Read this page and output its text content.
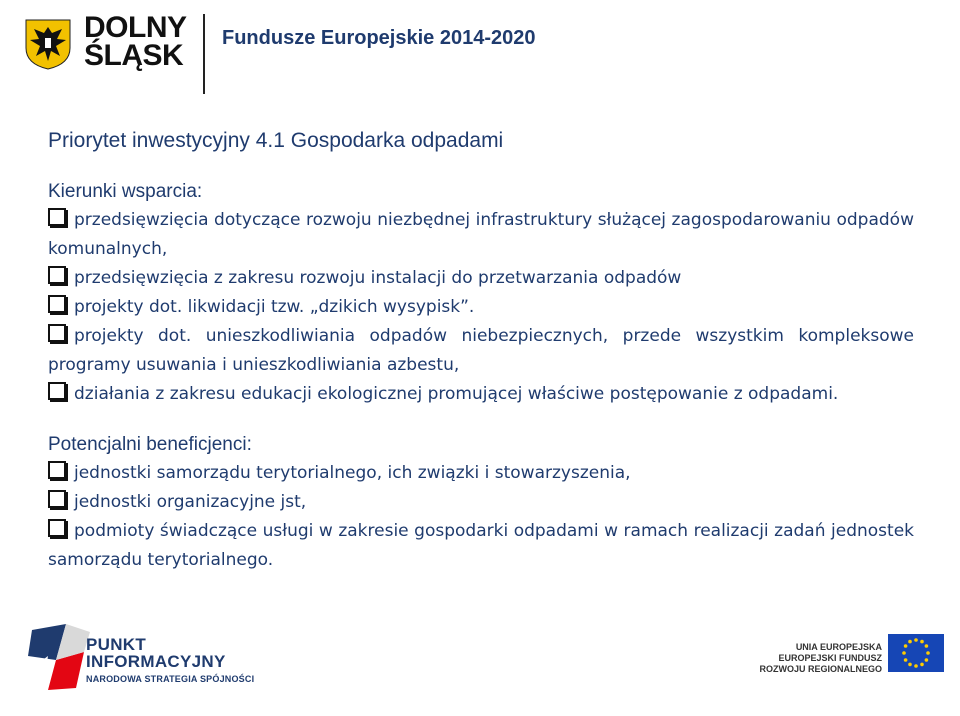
DOLNY
ŚLĄSK
Fundusze Europejskie 2014-2020
Priorytet inwestycyjny 4.1 Gospodarka odpadami
Kierunki wsparcia:
przedsięwzięcia dotyczące rozwoju niezbędnej infrastruktury służącej zagospodarowaniu odpadów komunalnych,
przedsięwzięcia z zakresu rozwoju instalacji do przetwarzania odpadów
projekty dot. likwidacji tzw. „dzikich wysypisk”.
projekty dot. unieszkodliwiania odpadów niebezpiecznych, przede wszystkim kompleksowe programy usuwania i unieszkodliwiania azbestu,
działania z zakresu edukacji ekologicznej promującej właściwe postępowanie z odpadami.
Potencjalni beneficjenci:
jednostki samorządu terytorialnego, ich związki i stowarzyszenia,
jednostki organizacyjne jst,
podmioty świadczące usługi w zakresie gospodarki odpadami w ramach realizacji zadań jednostek samorządu terytorialnego.
PUNKT
INFORMACYJNY
NARODOWA STRATEGIA SPÓJNOŚCI
UNIA EUROPEJSKA
EUROPEJSKI FUNDUSZ
ROZWOJU REGIONALNEGO
